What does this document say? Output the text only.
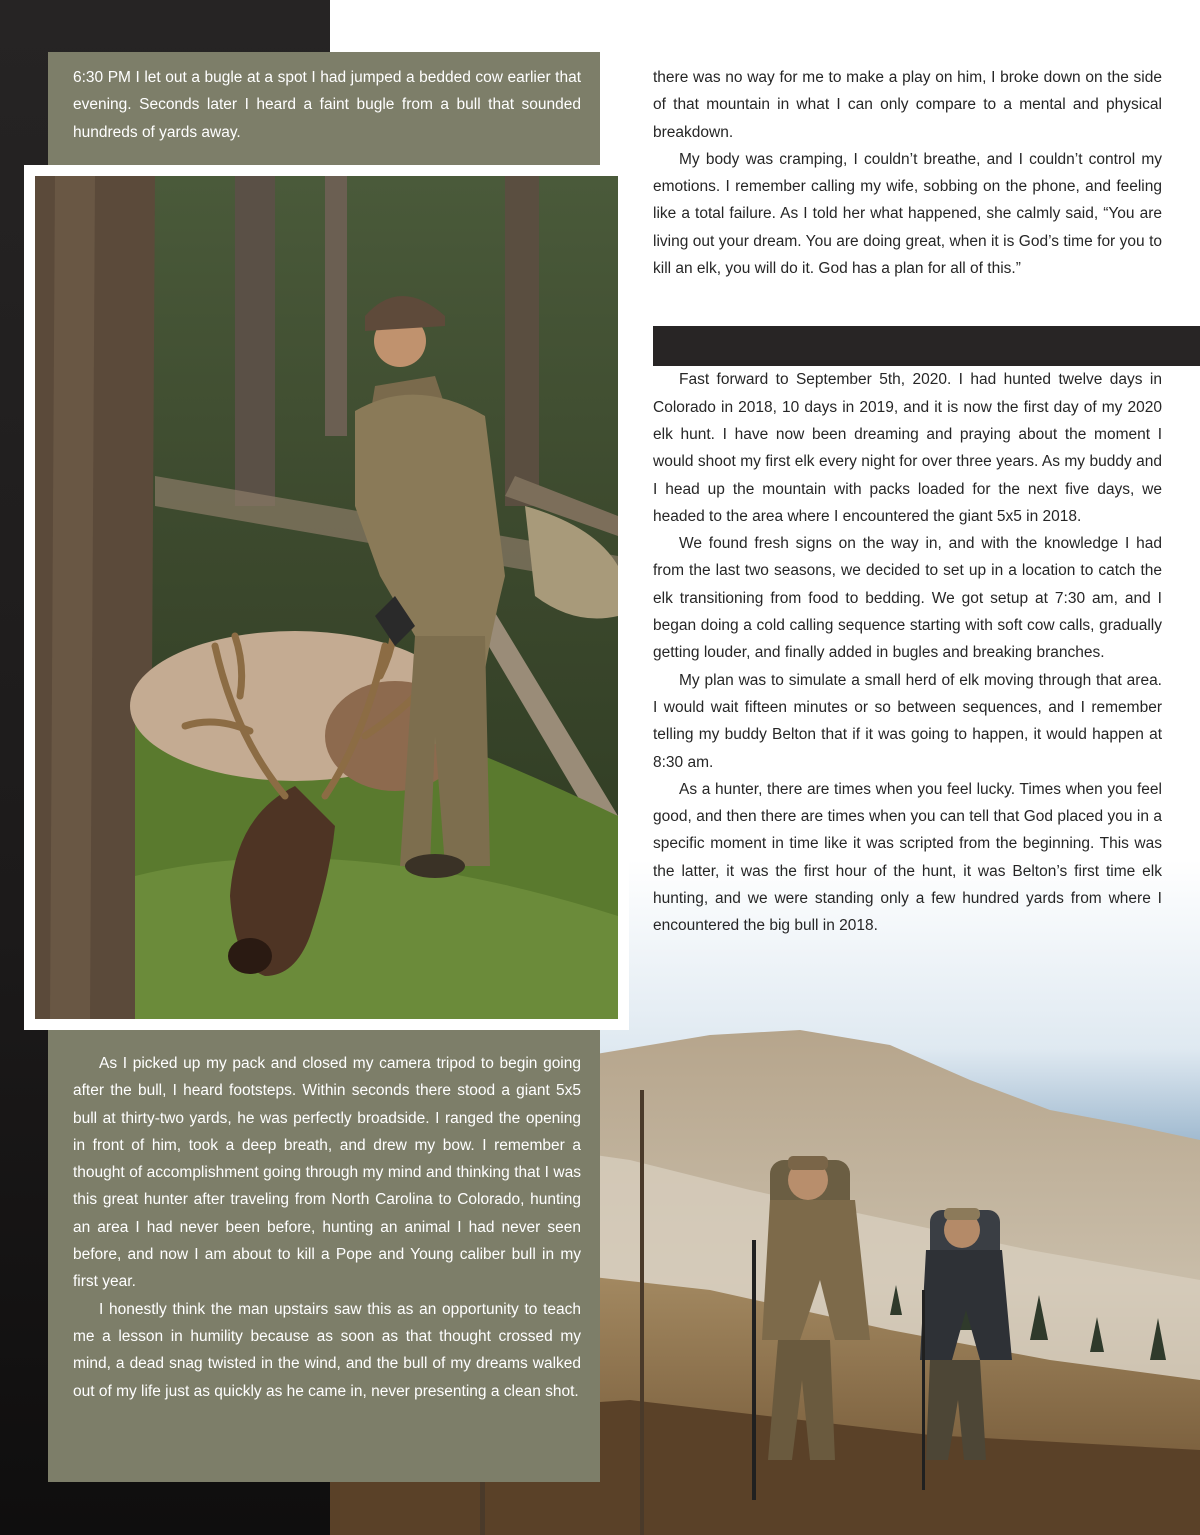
6:30 PM I let out a bugle at a spot I had jumped a bedded cow earlier that evening. Seconds later I heard a faint bugle from a bull that sounded hundreds of yards away.

there was no way for me to make a play on him, I broke down on the side of that mountain in what I can only compare to a mental and physical breakdown.

My body was cramping, I couldn’t breathe, and I couldn’t control my emotions. I remember calling my wife, sobbing on the phone, and feeling like a total failure. As I told her what happened, she calmly said, “You are living out your dream. You are doing great, when it is God’s time for you to kill an elk, you will do it. God has a plan for all of this.”

Fast forward to September 5th, 2020. I had hunted twelve days in Colorado in 2018, 10 days in 2019, and it is now the first day of my 2020 elk hunt. I have now been dreaming and praying about the moment I would shoot my first elk every night for over three years. As my buddy and I head up the mountain with packs loaded for the next five days, we headed to the area where I encountered the giant 5x5 in 2018.

We found fresh signs on the way in, and with the knowledge I had from the last two seasons, we decided to set up in a location to catch the elk transitioning from food to bedding. We got setup at 7:30 am, and I began doing a cold calling sequence starting with soft cow calls, gradually getting louder, and finally added in bugles and breaking branches.

My plan was to simulate a small herd of elk moving through that area. I would wait fifteen minutes or so between sequences, and I remember telling my buddy Belton that if it was going to happen, it would happen at 8:30 am.

As a hunter, there are times when you feel lucky. Times when you feel good, and then there are times when you can tell that God placed you in a specific moment in time like it was scripted from the beginning. This was the latter, it was the first hour of the hunt, it was Belton’s first time elk hunting, and we were standing only a few hundred yards from where I encountered the big bull in 2018.

As I picked up my pack and closed my camera tripod to begin going after the bull, I heard footsteps. Within seconds there stood a giant 5x5 bull at thirty-two yards, he was perfectly broadside. I ranged the opening in front of him, took a deep breath, and drew my bow. I remember a thought of accomplishment going through my mind and thinking that I was this great hunter after traveling from North Carolina to Colorado, hunting an area I had never been before, hunting an animal I had never seen before, and now I am about to kill a Pope and Young caliber bull in my first year.

I honestly think the man upstairs saw this as an opportunity to teach me a lesson in humility because as soon as that thought crossed my mind, a dead snag twisted in the wind, and the bull of my dreams walked out of my life just as quickly as he came in, never presenting a clean shot.
